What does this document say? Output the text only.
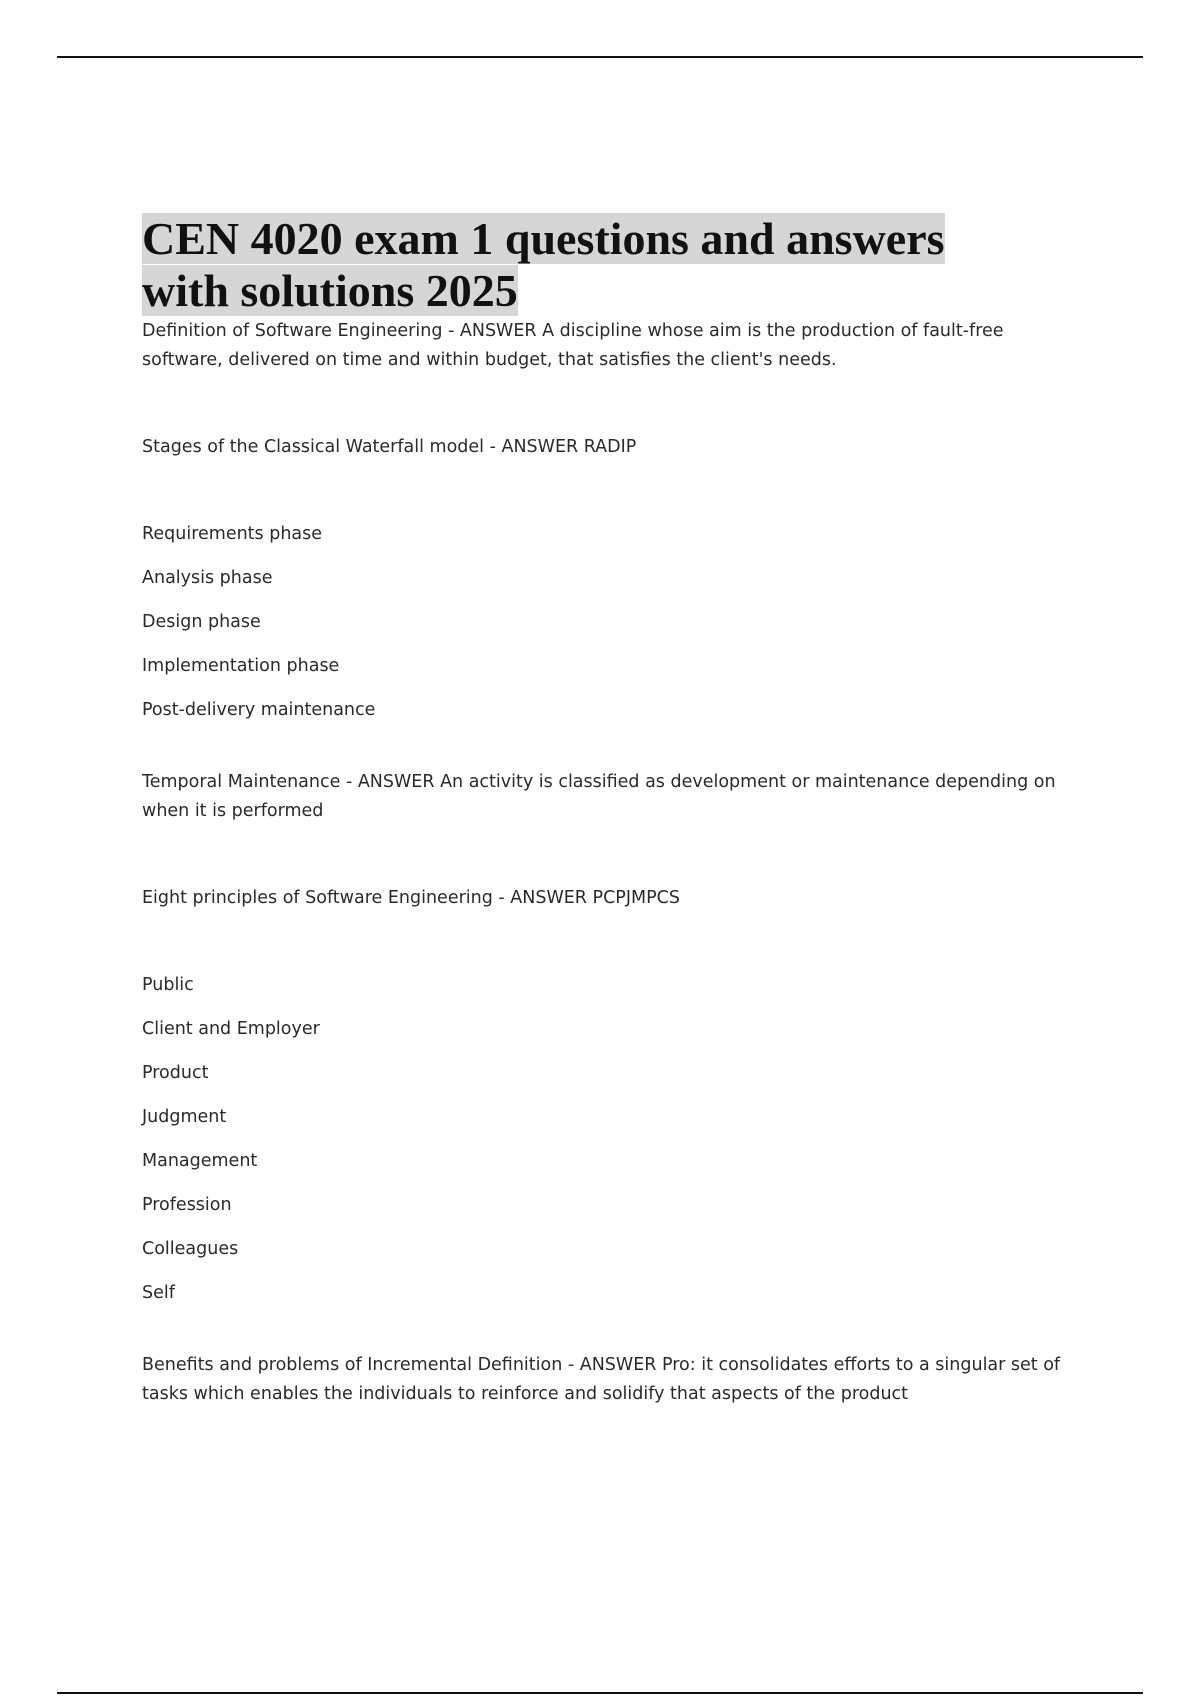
CEN 4020 exam 1 questions and answers with solutions 2025

Definition of Software Engineering - ANSWER A discipline whose aim is the production of fault-free software, delivered on time and within budget, that satisfies the client's needs.

Stages of the Classical Waterfall model - ANSWER RADIP

Requirements phase

Analysis phase

Design phase

Implementation phase

Post-delivery maintenance

Temporal Maintenance - ANSWER An activity is classified as development or maintenance depending on when it is performed

Eight principles of Software Engineering - ANSWER PCPJMPCS

Public

Client and Employer

Product

Judgment

Management

Profession

Colleagues

Self

Benefits and problems of Incremental Definition - ANSWER Pro: it consolidates efforts to a singular set of tasks which enables the individuals to reinforce and solidify that aspects of the product
